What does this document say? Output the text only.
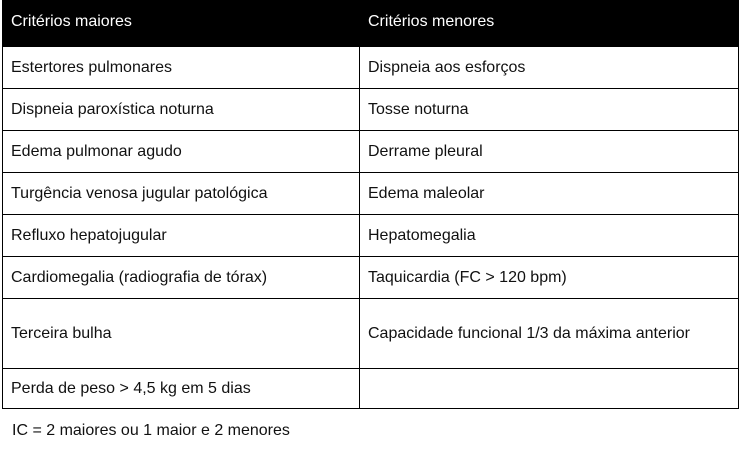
Critérios maiores	Critérios menores
Estertores pulmonares	Dispneia aos esforços
Dispneia paroxística noturna	Tosse noturna
Edema pulmonar agudo	Derrame pleural
Turgência venosa jugular patológica	Edema maleolar
Refluxo hepatojugular	Hepatomegalia
Cardiomegalia (radiografia de tórax)	Taquicardia (FC > 120 bpm)
Terceira bulha	Capacidade funcional 1/3 da máxima anterior
Perda de peso > 4,5 kg em 5 dias	
IC = 2 maiores ou 1 maior e 2 menores
